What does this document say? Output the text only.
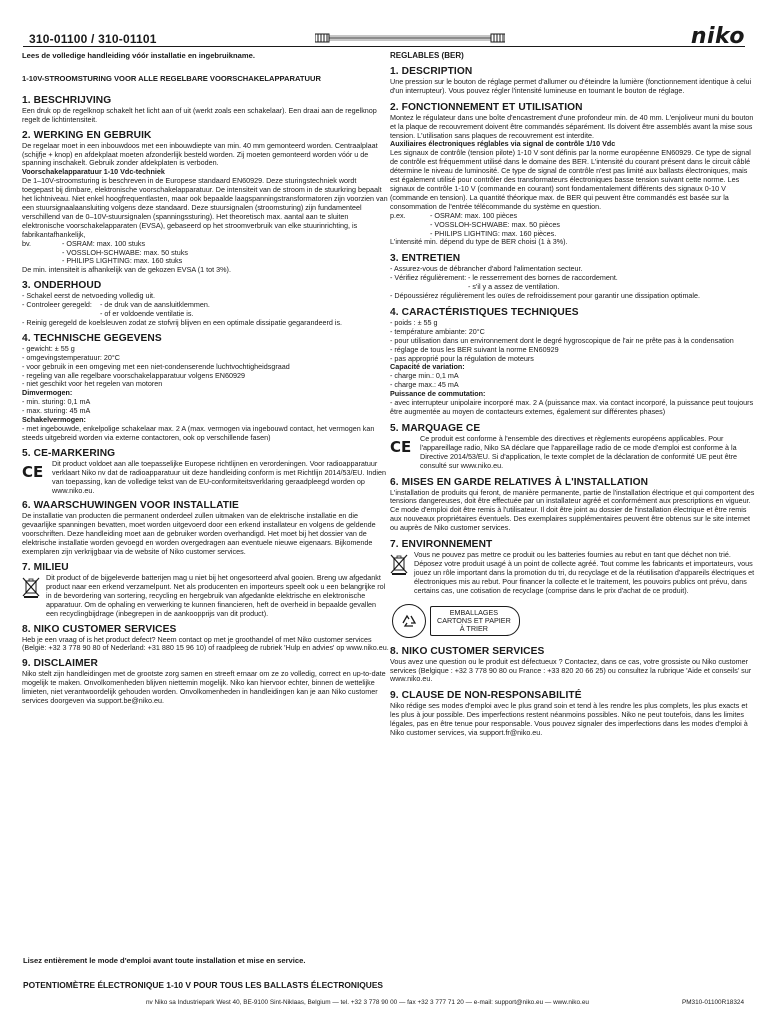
310-01100 / 310-01101	niko
Lees de volledige handleiding vóór installatie en ingebruikname.
1-10V-STROOMSTURING VOOR ALLE REGELBARE VOORSCHAKELAPPARATUUR
1. BESCHRIJVING

Een druk op de regelknop schakelt het licht aan of uit (werkt zoals een schakelaar). Een draai aan de regelknop regelt de lichtintensiteit.

2. WERKING EN GEBRUIK

De regelaar moet in een inbouwdoos met een inbouwdiepte van min. 40 mm gemonteerd worden. Centraalplaat (schijfje + knop) en afdekplaat moeten afzonderlijk besteld worden. Zij moeten gemonteerd worden vóór u de spanning inschakelt. Gebruik zonder afdekplaten is verboden.

Voorschakelapparatuur 1-10 Vdc-techniek

De 1–10V-stroomsturing is beschreven in de Europese standaard EN60929. Deze sturingstechniek wordt toegepast bij dimbare, elektronische voorschakelapparatuur. De intensiteit van de stroom in de stuurkring bepaalt het lichtniveau. Niet enkel hoogfrequentlasten, maar ook bepaalde laagspanningstransformatoren zijn voorzien van een stuursignaalaansluiting volgens deze standaard. Deze stuursignalen (stroomsturing) zijn fundamenteel verschillend van de 0–10V-stuursignalen (spanningssturing). Het theoretisch max. aantal aan te sluiten elektronische voorschakelapparaten (EVSA), gebaseerd op het stroomverbruik van elke stuurinrichting, is fabrikantafhankelijk,

bv.	- OSRAM: max. 100 stuks
- VOSSLOH-SCHWABE: max. 50 stuks
- PHILIPS LIGHTING: max. 160 stuks

De min. intensiteit is afhankelijk van de gekozen EVSA (1 tot 3%).

3. ONDERHOUD
- Schakel eerst de netvoeding volledig uit.
- Controleer geregeld:	- de druk van de aansluitklemmen.
- of er voldoende ventilatie is.
- Reinig geregeld de koelsleuven zodat ze stofvrij blijven en een optimale dissipatie gegarandeerd is.
4. TECHNISCHE GEGEVENS
- gewicht: ± 55 g
- omgevingstemperatuur: 20°C
- voor gebruik in een omgeving met een niet-condenserende luchtvochtigheidsgraad
- regeling van alle regelbare voorschakelapparatuur volgens EN60929
- niet geschikt voor het regelen van motoren
Dimvermogen:
- min. sturing: 0,1 mA
- max. sturing: 45 mA
Schakelvermogen:
- met ingebouwde, enkelpolige schakelaar max. 2 A (max. vermogen via ingebouwd contact, het vermogen kan steeds uitgebreid worden via externe contactoren, ook op verschillende fasen)
5. CE-MARKERING
CE	Dit product voldoet aan alle toepasselijke Europese richtlijnen en verordeningen. Voor radioapparatuur verklaart Niko nv dat de radioapparatuur uit deze handleiding conform is met Richtlijn 2014/53/EU. Indien van toepassing, kan de volledige tekst van de EU-conformiteitsverklaring geraadpleegd worden op www.niko.eu.

6. WAARSCHUWINGEN VOOR INSTALLATIE

De installatie van producten die permanent onderdeel zullen uitmaken van de elektrische installatie en die gevaarlijke spanningen bevatten, moet worden uitgevoerd door een erkend installateur en volgens de geldende voorschriften. Deze handleiding moet aan de gebruiker worden overhandigd. Het moet bij het dossier van de elektrische installatie worden gevoegd en worden overgedragen aan eventuele nieuwe eigenaars. Bijkomende exemplaren zijn verkrijgbaar via de website of Niko customer services.

7. MILIEU

Dit product of de bijgeleverde batterijen mag u niet bij het ongesorteerd afval gooien. Breng uw afgedankt product naar een erkend verzamelpunt. Net als producenten en importeurs speelt ook u een belangrijke rol in de bevordering van sortering, recycling en hergebruik van afgedankte elektrische en elektronische apparatuur. Om de ophaling en verwerking te kunnen financieren, heft de overheid in bepaalde gevallen een recyclingbijdrage (inbegrepen in de aankoopprijs van dit product).

8. NIKO CUSTOMER SERVICES

Heb je een vraag of is het product defect? Neem contact op met je groothandel of met Niko customer services (België: +32 3 778 90 80 of Nederland: +31 880 15 96 10) of raadpleeg de rubriek 'Hulp en advies' op www.niko.eu.

9. DISCLAIMER

Niko stelt zijn handleidingen met de grootste zorg samen en streeft ernaar om ze zo volledig, correct en up-to-date mogelijk te maken. Onvolkomenheden blijven niettemin mogelijk. Niko kan hiervoor echter, binnen de wettelijke limieten, niet verantwoordelijk gehouden worden. Onvolkomenheden in handleidingen kan je aan Niko customer services doorgeven via support.be@niko.eu.

RÉGLABLES (BER)
1. DESCRIPTION

Une pression sur le bouton de réglage permet d'allumer ou d'éteindre la lumière (fonctionnement identique à celui d'un interrupteur). Vous pouvez régler l'intensité lumineuse en tournant le bouton de réglage.

2. FONCTIONNEMENT ET UTILISATION

Montez le régulateur dans une boîte d'encastrement d'une profondeur min. de 40 mm. L'enjoliveur muni du bouton et la plaque de recouvrement doivent être commandés séparément. Ils doivent être assemblés avant la mise sous tension. L'utilisation sans plaques de recouvrement est interdite.

Auxiliaires électroniques réglables via signal de contrôle 1/10 Vdc

Les signaux de contrôle (tension pilote) 1-10 V sont définis par la norme européenne EN60929. Ce type de signal de contrôle est fréquemment utilisé dans le domaine des BER. L'intensité du courant présent dans le circuit câblé détermine le niveau de luminosité. Ce type de signal de contrôle n'est pas limité aux ballasts électroniques, mais est également utilisé pour contrôler des transformateurs électroniques basse tension suivant cette norme. Les signaux de contrôle 1-10 V (commande en courant) sont fondamentalement différents des signaux 0-10 V (commande en tension). La quantité théorique max. de BER qui peuvent être commandés est basée sur la consommation de l'entrée télécommande du système en question.

p.ex.	- OSRAM: max. 100 pièces
- VOSSLOH-SCHWABE: max. 50 pièces
- PHILIPS LIGHTING: max. 160 pièces.

L'intensité min. dépend du type de BER choisi (1 à 3%).

3. ENTRETIEN
- Assurez-vous de débrancher d'abord l'alimentation secteur.
- Vérifiez régulièrement: - le resserrement des bornes de raccordement.
- s'il y a assez de ventilation.
- Dépoussiérez régulièrement les ouïes de refroidissement pour garantir une dissipation optimale.
4. CARACTÉRISTIQUES TECHNIQUES
- poids : ± 55 g
- température ambiante: 20°C
- pour utilisation dans un environnement dont le degré hygroscopique de l'air ne prête pas à la condensation
- réglage de tous les BER suivant la norme EN60929
- pas approprié pour la régulation de moteurs
Capacité de variation:
- charge min.: 0,1 mA
- charge max.: 45 mA
Puissance de commutation:
- avec interrupteur unipolaire incorporé max. 2 A (puissance max. via contact incorporé, la puissance peut toujours être augmentée au moyen de contacteurs externes, également sur différentes phases)
5. MARQUAGE CE
CE	Ce produit est conforme à l'ensemble des directives et règlements européens applicables. Pour l'appareillage radio, Niko SA déclare que l'appareillage radio de ce mode d'emploi est conforme à la Directive 2014/53/EU. Si d'application, le texte complet de la déclaration de conformité UE peut être consulté sur www.niko.eu.

6. MISES EN GARDE RELATIVES À L'INSTALLATION

L'installation de produits qui feront, de manière permanente, partie de l'installation électrique et qui comportent des tensions dangereuses, doit être effectuée par un installateur agréé et conformément aux prescriptions en vigueur. Ce mode d'emploi doit être remis à l'utilisateur. Il doit être joint au dossier de l'installation électrique et être remis aux nouveaux propriétaires éventuels. Des exemplaires supplémentaires peuvent être obtenus sur le site internet ou auprès de Niko customer services.

7. ENVIRONNEMENT

Vous ne pouvez pas mettre ce produit ou les batteries fournies au rebut en tant que déchet non trié. Déposez votre produit usagé à un point de collecte agréé. Tout comme les fabricants et importateurs, vous jouez un rôle important dans la promotion du tri, du recyclage et de la réutilisation d'appareils électriques et électroniques mis au rebut. Pour financer la collecte et le traitement, les pouvoirs publics ont prévu, dans certains cas, une cotisation de recyclage (comprise dans le prix d'achat de ce produit).

EMBALLAGES
CARTONS ET PAPIER
À TRIER
8. NIKO CUSTOMER SERVICES

Vous avez une question ou le produit est défectueux ? Contactez, dans ce cas, votre grossiste ou Niko customer services (Belgique : +32 3 778 90 80 ou France : +33 820 20 66 25) ou consultez la rubrique 'Aide et conseils' sur www.niko.eu.

9. CLAUSE DE NON-RESPONSABILITÉ

Niko rédige ses modes d'emploi avec le plus grand soin et tend à les rendre les plus complets, les plus exacts et les plus à jour possible. Des imperfections restent néanmoins possibles. Niko ne peut toutefois, dans les limites légales, pas en être tenue pour responsable. Vous pouvez signaler des imperfections dans les modes d'emploi à Niko customer services, via support.fr@niko.eu.

Lisez entièrement le mode d'emploi avant toute installation et mise en service.
POTENTIOMÈTRE ÉLECTRONIQUE 1-10 V POUR TOUS LES BALLASTS ÉLECTRONIQUES
nv Niko sa Industriepark West 40, BE-9100 Sint-Niklaas, Belgium — tel. +32 3 778 90 00 — fax +32 3 777 71 20 — e-mail: support@niko.eu — www.niko.eu	PM310-01100R18324
